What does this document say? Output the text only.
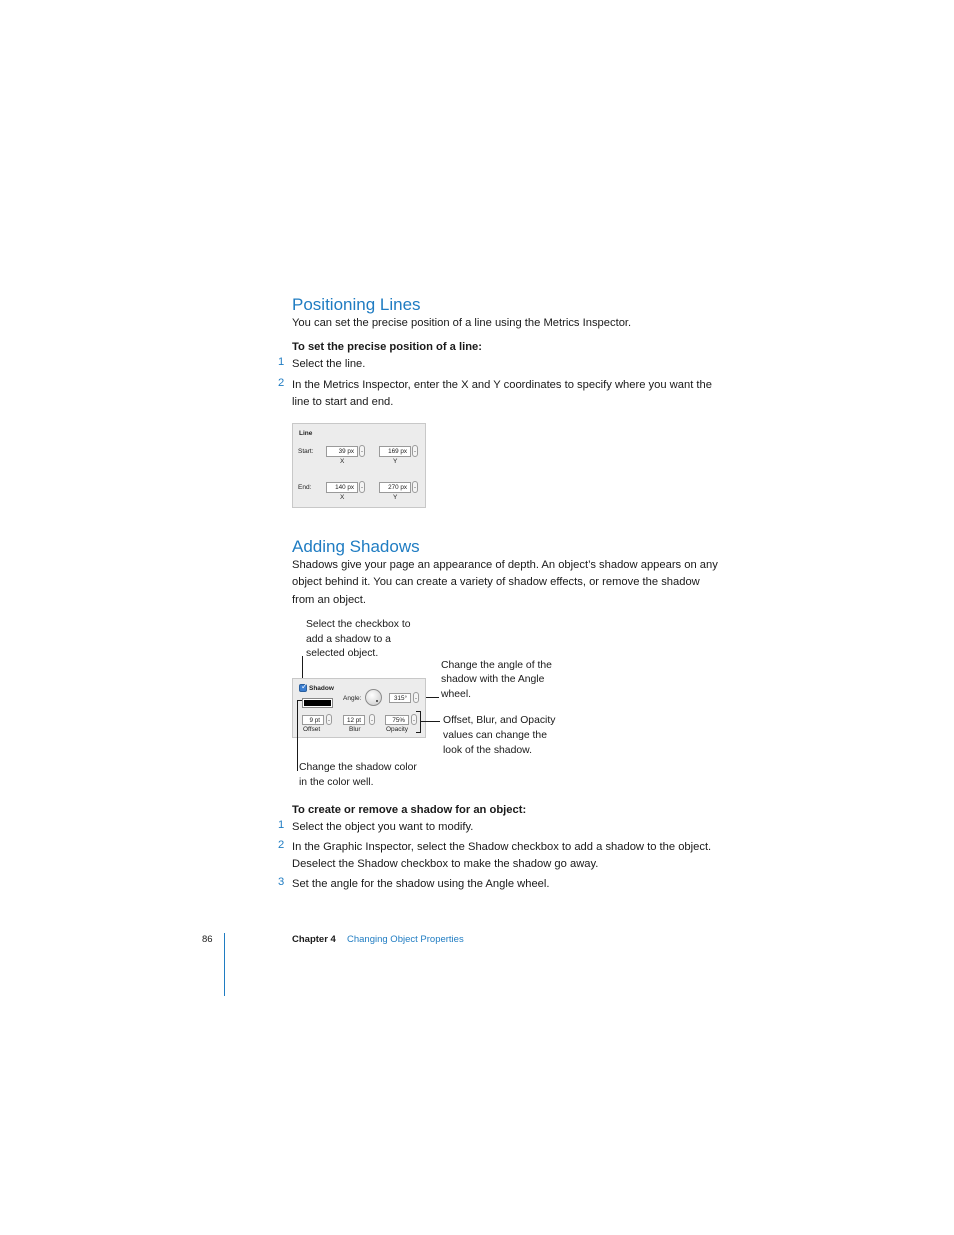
Positioning Lines
You can set the precise position of a line using the Metrics Inspector.
To set the precise position of a line:
1 Select the line.
2 In the Metrics Inspector, enter the X and Y coordinates to specify where you want the
line to start and end.
Line
Start:	39 px	169 px
X	Y
End:	140 px	270 px
X	Y
Adding Shadows
Shadows give your page an appearance of depth. An object’s shadow appears on any
object behind it. You can create a variety of shadow effects, or remove the shadow
from an object.
Select the checkbox to
add a shadow to a
selected object.
Change the angle of the
shadow with the Angle
wheel.
✓ Shadow
Angle:	315°
9 pt	12 pt	75%
Offset	Blur	Opacity
Offset, Blur, and Opacity
values can change the
look of the shadow.
Change the shadow color
in the color well.
To create or remove a shadow for an object:
1 Select the object you want to modify.
2 In the Graphic Inspector, select the Shadow checkbox to add a shadow to the object.
Deselect the Shadow checkbox to make the shadow go away.
3 Set the angle for the shadow using the Angle wheel.
86	Chapter 4 Changing Object Properties
